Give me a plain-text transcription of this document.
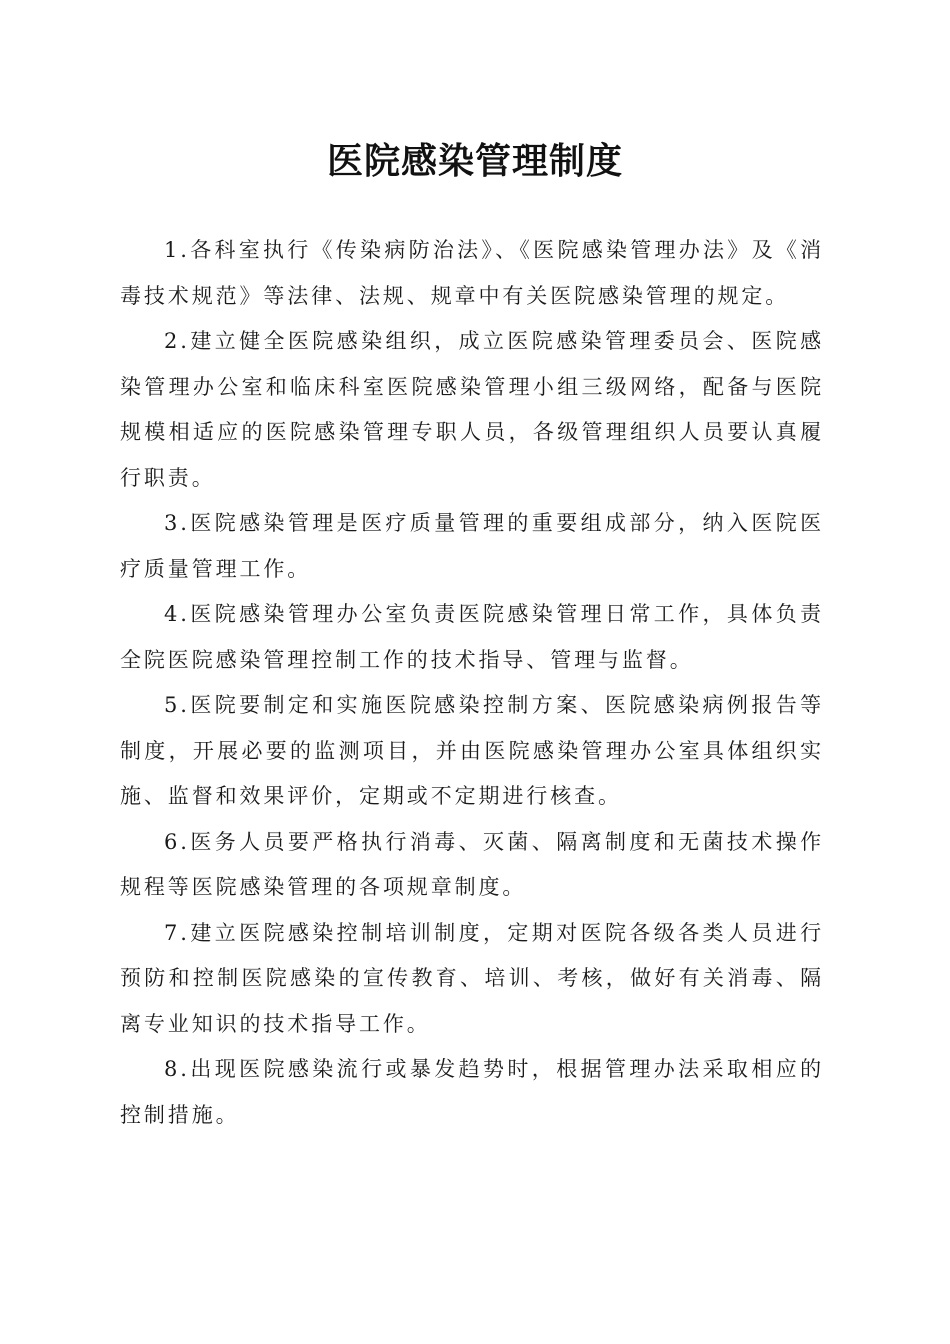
医院感染管理制度

1.各科室执行《传染病防治法》、《医院感染管理办法》及《消毒技术规范》等法律、法规、规章中有关医院感染管理的规定。

2.建立健全医院感染组织，成立医院感染管理委员会、医院感染管理办公室和临床科室医院感染管理小组三级网络，配备与医院规模相适应的医院感染管理专职人员，各级管理组织人员要认真履行职责。

3.医院感染管理是医疗质量管理的重要组成部分，纳入医院医疗质量管理工作。

4.医院感染管理办公室负责医院感染管理日常工作，具体负责全院医院感染管理控制工作的技术指导、管理与监督。

5.医院要制定和实施医院感染控制方案、医院感染病例报告等制度，开展必要的监测项目，并由医院感染管理办公室具体组织实施、监督和效果评价，定期或不定期进行核查。

6.医务人员要严格执行消毒、灭菌、隔离制度和无菌技术操作规程等医院感染管理的各项规章制度。

7.建立医院感染控制培训制度，定期对医院各级各类人员进行预防和控制医院感染的宣传教育、培训、考核，做好有关消毒、隔离专业知识的技术指导工作。

8.出现医院感染流行或暴发趋势时，根据管理办法采取相应的控制措施。
